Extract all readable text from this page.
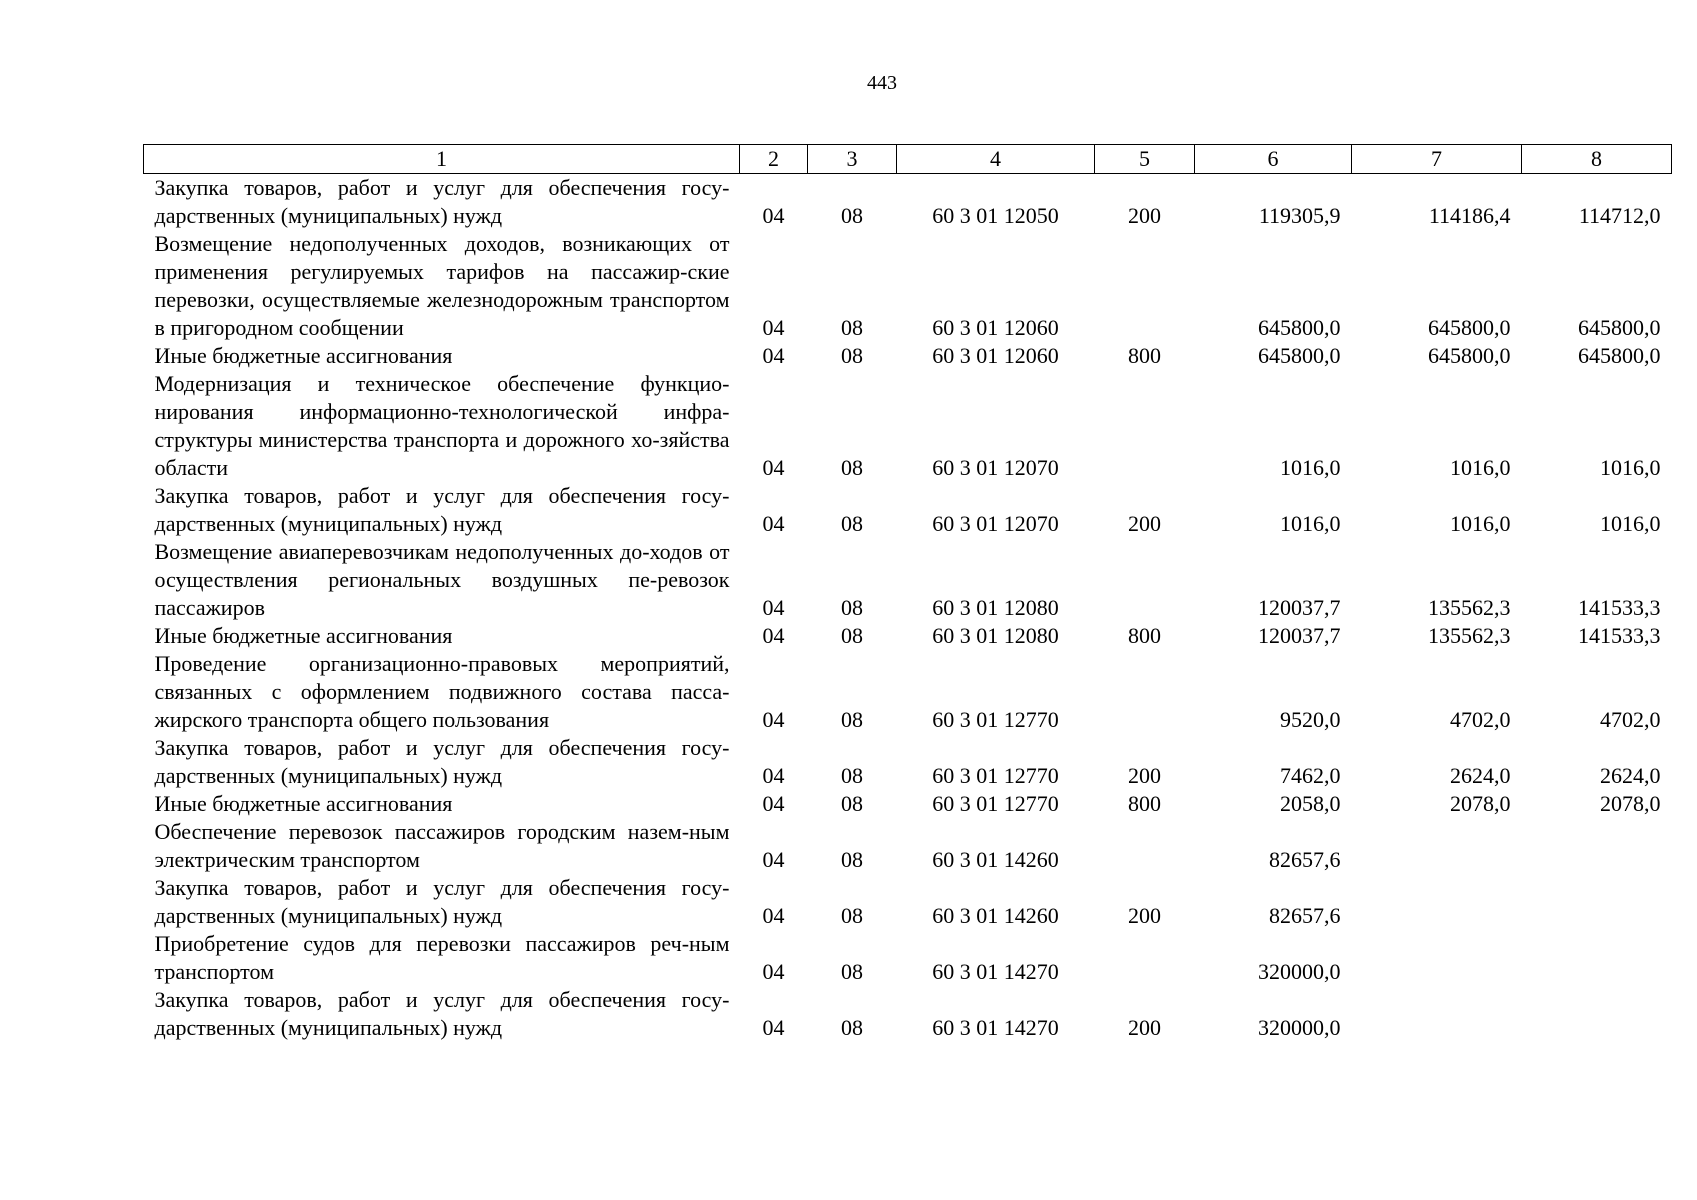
443
1	2	3	4	5	6	7	8
Закупка товаров, работ и услуг для обеспечения госу-дарственных (муниципальных) нужд	04	08	60 3 01 12050	200	119305,9	114186,4	114712,0
Возмещение недополученных доходов, возникающих от применения регулируемых тарифов на пассажир-ские перевозки, осуществляемые железнодорожным транспортом в пригородном сообщении	04	08	60 3 01 12060		645800,0	645800,0	645800,0
Иные бюджетные ассигнования	04	08	60 3 01 12060	800	645800,0	645800,0	645800,0
Модернизация и техническое обеспечение функцио-нирования информационно-технологической инфра-структуры министерства транспорта и дорожного хо-зяйства области	04	08	60 3 01 12070		1016,0	1016,0	1016,0
Закупка товаров, работ и услуг для обеспечения госу-дарственных (муниципальных) нужд	04	08	60 3 01 12070	200	1016,0	1016,0	1016,0
Возмещение авиаперевозчикам недополученных до-ходов от осуществления региональных воздушных пе-ревозок пассажиров	04	08	60 3 01 12080		120037,7	135562,3	141533,3
Иные бюджетные ассигнования	04	08	60 3 01 12080	800	120037,7	135562,3	141533,3
Проведение организационно-правовых мероприятий, связанных с оформлением подвижного состава пасса-жирского транспорта общего пользования	04	08	60 3 01 12770		9520,0	4702,0	4702,0
Закупка товаров, работ и услуг для обеспечения госу-дарственных (муниципальных) нужд	04	08	60 3 01 12770	200	7462,0	2624,0	2624,0
Иные бюджетные ассигнования	04	08	60 3 01 12770	800	2058,0	2078,0	2078,0
Обеспечение перевозок пассажиров городским назем-ным электрическим транспортом	04	08	60 3 01 14260		82657,6		
Закупка товаров, работ и услуг для обеспечения госу-дарственных (муниципальных) нужд	04	08	60 3 01 14260	200	82657,6		
Приобретение судов для перевозки пассажиров реч-ным транспортом	04	08	60 3 01 14270		320000,0		
Закупка товаров, работ и услуг для обеспечения госу-дарственных (муниципальных) нужд	04	08	60 3 01 14270	200	320000,0		
